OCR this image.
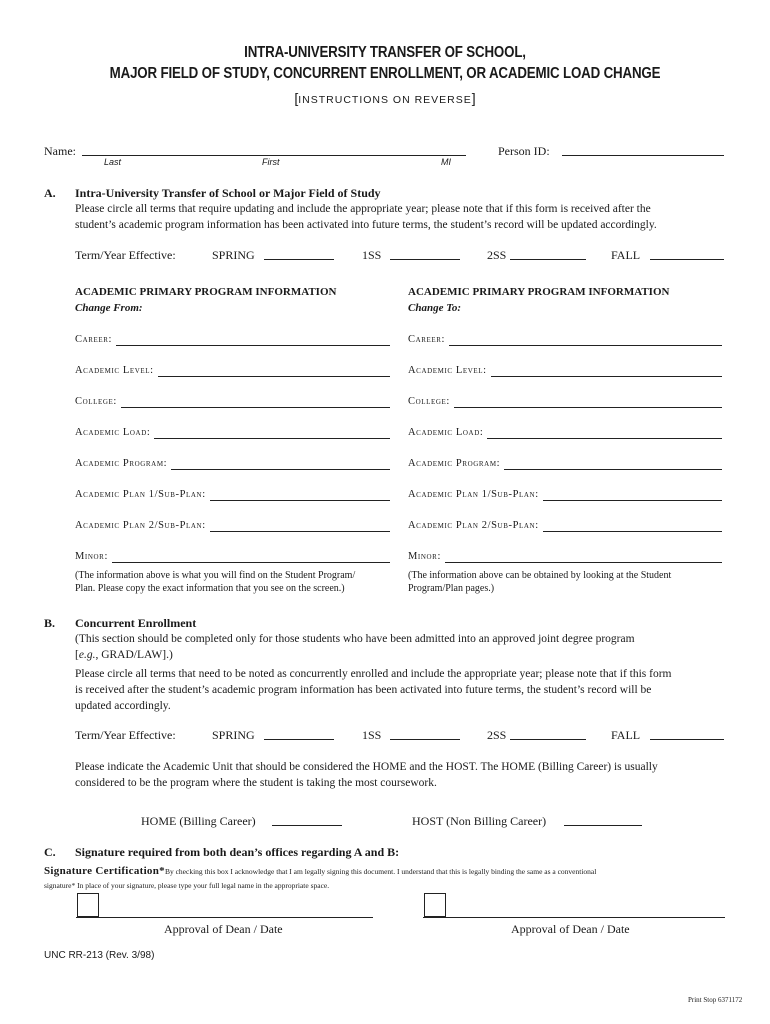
INTRA-UNIVERSITY TRANSFER OF SCHOOL,
MAJOR FIELD OF STUDY, CONCURRENT ENROLLMENT, OR ACADEMIC LOAD CHANGE
[INSTRUCTIONS ON REVERSE]
Name:
Last	First	MI
Person ID:
A. Intra-University Transfer of School or Major Field of Study
Please circle all terms that require updating and include the appropriate year; please note that if this form is received after the
student’s academic program information has been activated into future terms, the student’s record will be updated accordingly.
Term/Year Effective:	SPRING	1SS	2SS	FALL
ACADEMIC PRIMARY PROGRAM INFORMATION
Change From:
ACADEMIC PRIMARY PROGRAM INFORMATION
Change To:
Career:	Career:
Academic Level:	Academic Level:
College:	College:
Academic Load:	Academic Load:
Academic Program:	Academic Program:
Academic Plan 1/Sub-Plan:	Academic Plan 1/Sub-Plan:
Academic Plan 2/Sub-Plan:	Academic Plan 2/Sub-Plan:
Minor:	Minor:
(The information above is what you will find on the Student Program/
Plan. Please copy the exact information that you see on the screen.)
(The information above can be obtained by looking at the Student
Program/Plan pages.)
B. Concurrent Enrollment
(This section should be completed only for those students who have been admitted into an approved joint degree program
[e.g., GRAD/LAW].)
Please circle all terms that need to be noted as concurrently enrolled and include the appropriate year; please note that if this form
is received after the student’s academic program information has been activated into future terms, the student’s record will be
updated accordingly.
Term/Year Effective:	SPRING	1SS	2SS	FALL
Please indicate the Academic Unit that should be considered the HOME and the HOST. The HOME (Billing Career) is usually
considered to be the program where the student is taking the most coursework.
HOME (Billing Career)	HOST (Non Billing Career)
C. Signature required from both dean’s offices regarding A and B:
Signature Certification*By checking this box I acknowledge that I am legally signing this document. I understand that this is legally binding the same as a conventional
signature* In place of your signature, please type your full legal name in the appropriate space.
Approval of Dean / Date	Approval of Dean / Date
UNC RR-213 (Rev. 3/98)
Print Stop 6371172
